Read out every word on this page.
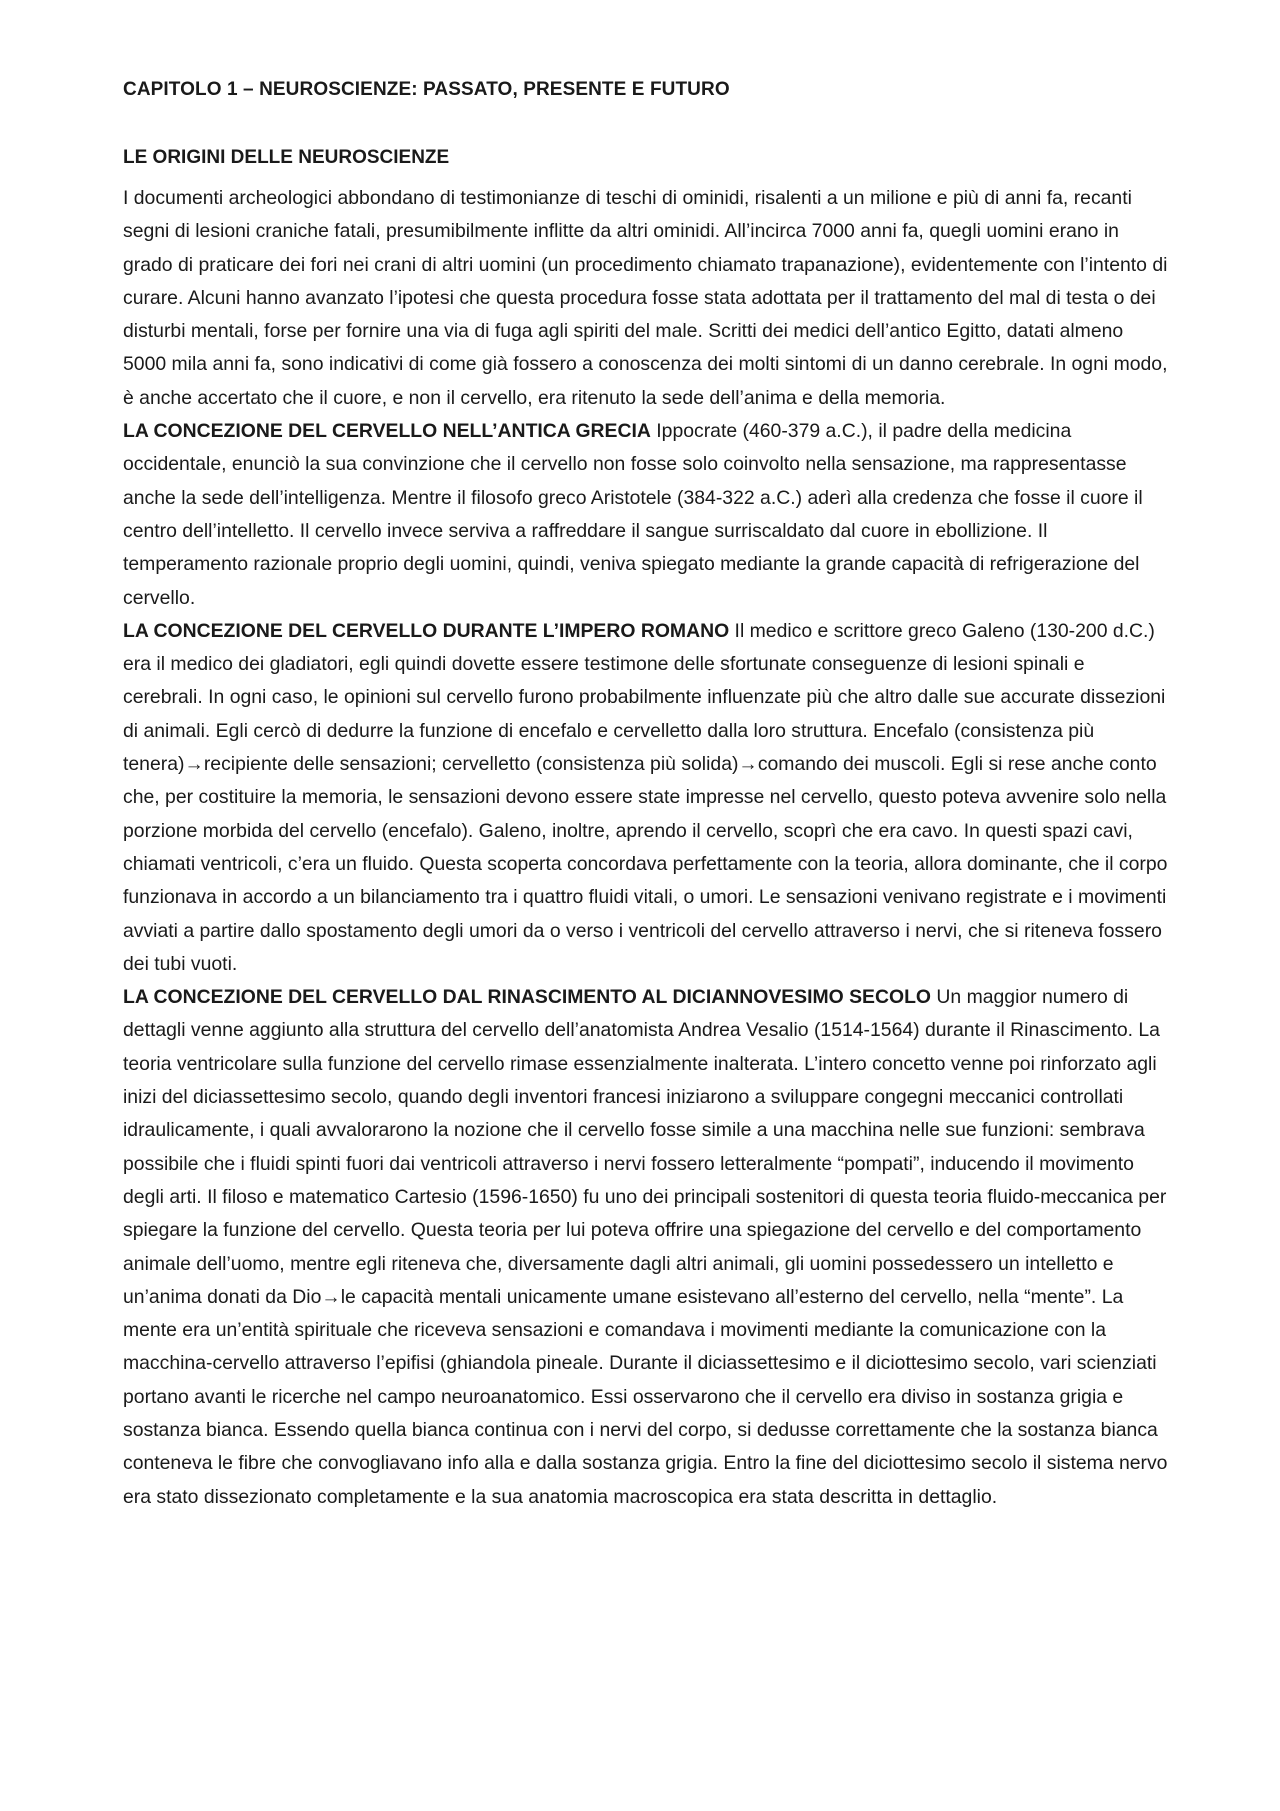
CAPITOLO 1 – NEUROSCIENZE: PASSATO, PRESENTE E FUTURO
LE ORIGINI DELLE NEUROSCIENZE

I documenti archeologici abbondano di testimonianze di teschi di ominidi, risalenti a un milione e più di anni fa, recanti segni di lesioni craniche fatali, presumibilmente inflitte da altri ominidi. All’incirca 7000 anni fa, quegli uomini erano in grado di praticare dei fori nei crani di altri uomini (un procedimento chiamato trapanazione), evidentemente con l’intento di curare. Alcuni hanno avanzato l’ipotesi che questa procedura fosse stata adottata per il trattamento del mal di testa o dei disturbi mentali, forse per fornire una via di fuga agli spiriti del male. Scritti dei medici dell’antico Egitto, datati almeno 5000 mila anni fa, sono indicativi di come già fossero a conoscenza dei molti sintomi di un danno cerebrale. In ogni modo, è anche accertato che il cuore, e non il cervello, era ritenuto la sede dell’anima e della memoria.
LA CONCEZIONE DEL CERVELLO NELL’ANTICA GRECIA Ippocrate (460-379 a.C.), il padre della medicina occidentale, enunciò la sua convinzione che il cervello non fosse solo coinvolto nella sensazione, ma rappresentasse anche la sede dell’intelligenza. Mentre il filosofo greco Aristotele (384-322 a.C.) aderì alla credenza che fosse il cuore il centro dell’intelletto. Il cervello invece serviva a raffreddare il sangue surriscaldato dal cuore in ebollizione. Il temperamento razionale proprio degli uomini, quindi, veniva spiegato mediante la grande capacità di refrigerazione del cervello.
LA CONCEZIONE DEL CERVELLO DURANTE L’IMPERO ROMANO Il medico e scrittore greco Galeno (130-200 d.C.) era il medico dei gladiatori, egli quindi dovette essere testimone delle sfortunate conseguenze di lesioni spinali e cerebrali. In ogni caso, le opinioni sul cervello furono probabilmente influenzate più che altro dalle sue accurate dissezioni di animali. Egli cercò di dedurre la funzione di encefalo e cervelletto dalla loro struttura. Encefalo (consistenza più tenera)→recipiente delle sensazioni; cervelletto (consistenza più solida)→comando dei muscoli. Egli si rese anche conto che, per costituire la memoria, le sensazioni devono essere state impresse nel cervello, questo poteva avvenire solo nella porzione morbida del cervello (encefalo). Galeno, inoltre, aprendo il cervello, scoprì che era cavo. In questi spazi cavi, chiamati ventricoli, c’era un fluido. Questa scoperta concordava perfettamente con la teoria, allora dominante, che il corpo funzionava in accordo a un bilanciamento tra i quattro fluidi vitali, o umori. Le sensazioni venivano registrate e i movimenti avviati a partire dallo spostamento degli umori da o verso i ventricoli del cervello attraverso i nervi, che si riteneva fossero dei tubi vuoti.
LA CONCEZIONE DEL CERVELLO DAL RINASCIMENTO AL DICIANNOVESIMO SECOLO Un maggior numero di dettagli venne aggiunto alla struttura del cervello dell’anatomista Andrea Vesalio (1514-1564) durante il Rinascimento. La teoria ventricolare sulla funzione del cervello rimase essenzialmente inalterata. L’intero concetto venne poi rinforzato agli inizi del diciassettesimo secolo, quando degli inventori francesi iniziarono a sviluppare congegni meccanici controllati idraulicamente, i quali avvalorarono la nozione che il cervello fosse simile a una macchina nelle sue funzioni: sembrava possibile che i fluidi spinti fuori dai ventricoli attraverso i nervi fossero letteralmente “pompati”, inducendo il movimento degli arti. Il filoso e matematico Cartesio (1596-1650) fu uno dei principali sostenitori di questa teoria fluido-meccanica per spiegare la funzione del cervello. Questa teoria per lui poteva offrire una spiegazione del cervello e del comportamento animale dell’uomo, mentre egli riteneva che, diversamente dagli altri animali, gli uomini possedessero un intelletto e un’anima donati da Dio→le capacità mentali unicamente umane esistevano all’esterno del cervello, nella “mente”. La mente era un’entità spirituale che riceveva sensazioni e comandava i movimenti mediante la comunicazione con la macchina-cervello attraverso l’epifisi (ghiandola pineale. Durante il diciassettesimo e il diciottesimo secolo, vari scienziati portano avanti le ricerche nel campo neuroanatomico. Essi osservarono che il cervello era diviso in sostanza grigia e sostanza bianca. Essendo quella bianca continua con i nervi del corpo, si dedusse correttamente che la sostanza bianca conteneva le fibre che convogliavano info alla e dalla sostanza grigia. Entro la fine del diciottesimo secolo il sistema nervo era stato dissezionato completamente e la sua anatomia macroscopica era stata descritta in dettaglio.
